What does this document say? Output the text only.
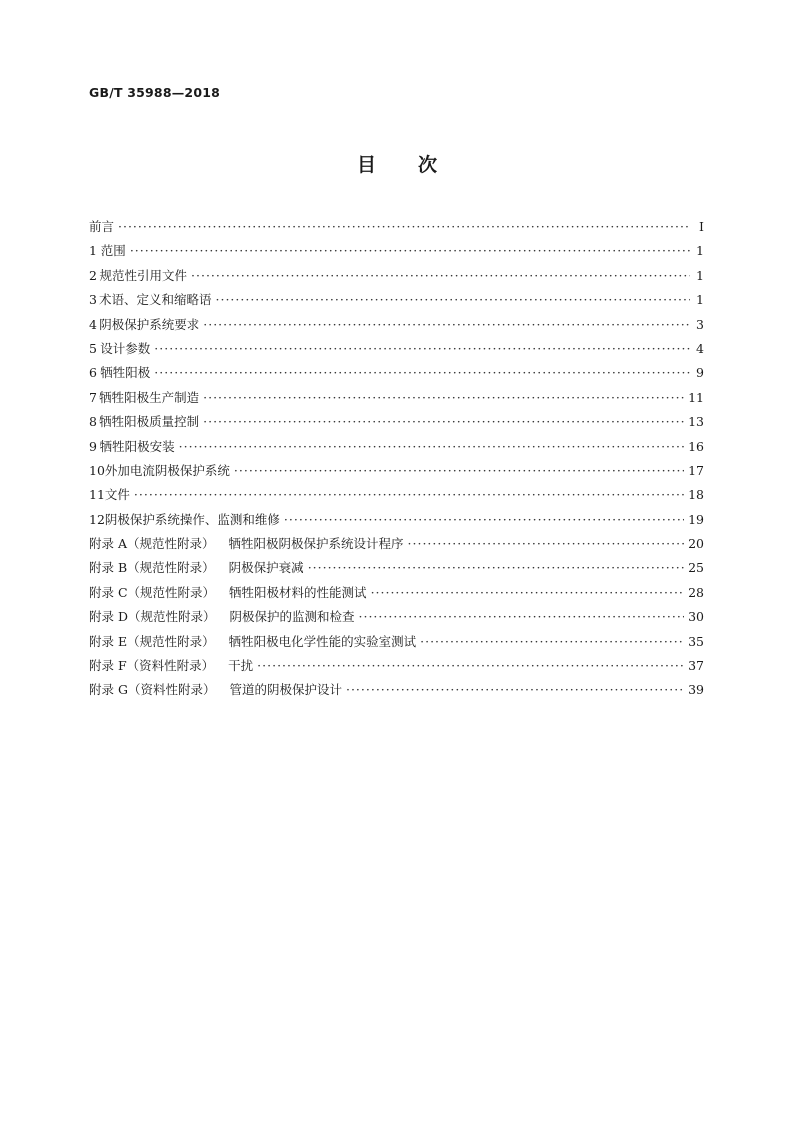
GB/T 35988—2018
目 次
前言 ·····	Ⅰ
1 范围 ·····	1
2 规范性引用文件 ·····	1
3 术语、定义和缩略语 ·····	1
4 阴极保护系统要求 ·····	3
5 设计参数 ·····	4
6 牺牲阳极 ·····	9
7 牺牲阳极生产制造 ·····	11
8 牺牲阳极质量控制 ·····	13
9 牺牲阳极安装 ·····	16
10 外加电流阴极保护系统 ·····	17
11 文件 ·····	18
12 阴极保护系统操作、监测和维修 ·····	19
附录 A（规范性附录）	牺牲阳极阴极保护系统设计程序 ·····	20
附录 B（规范性附录）	阴极保护衰减 ·····	25
附录 C（规范性附录）	牺牲阳极材料的性能测试 ·····	28
附录 D（规范性附录）	阴极保护的监测和检查 ·····	30
附录 E（规范性附录）	牺牲阳极电化学性能的实验室测试 ·····	35
附录 F（资料性附录）	干扰 ·····	37
附录 G（资料性附录）	管道的阴极保护设计 ·····	39
